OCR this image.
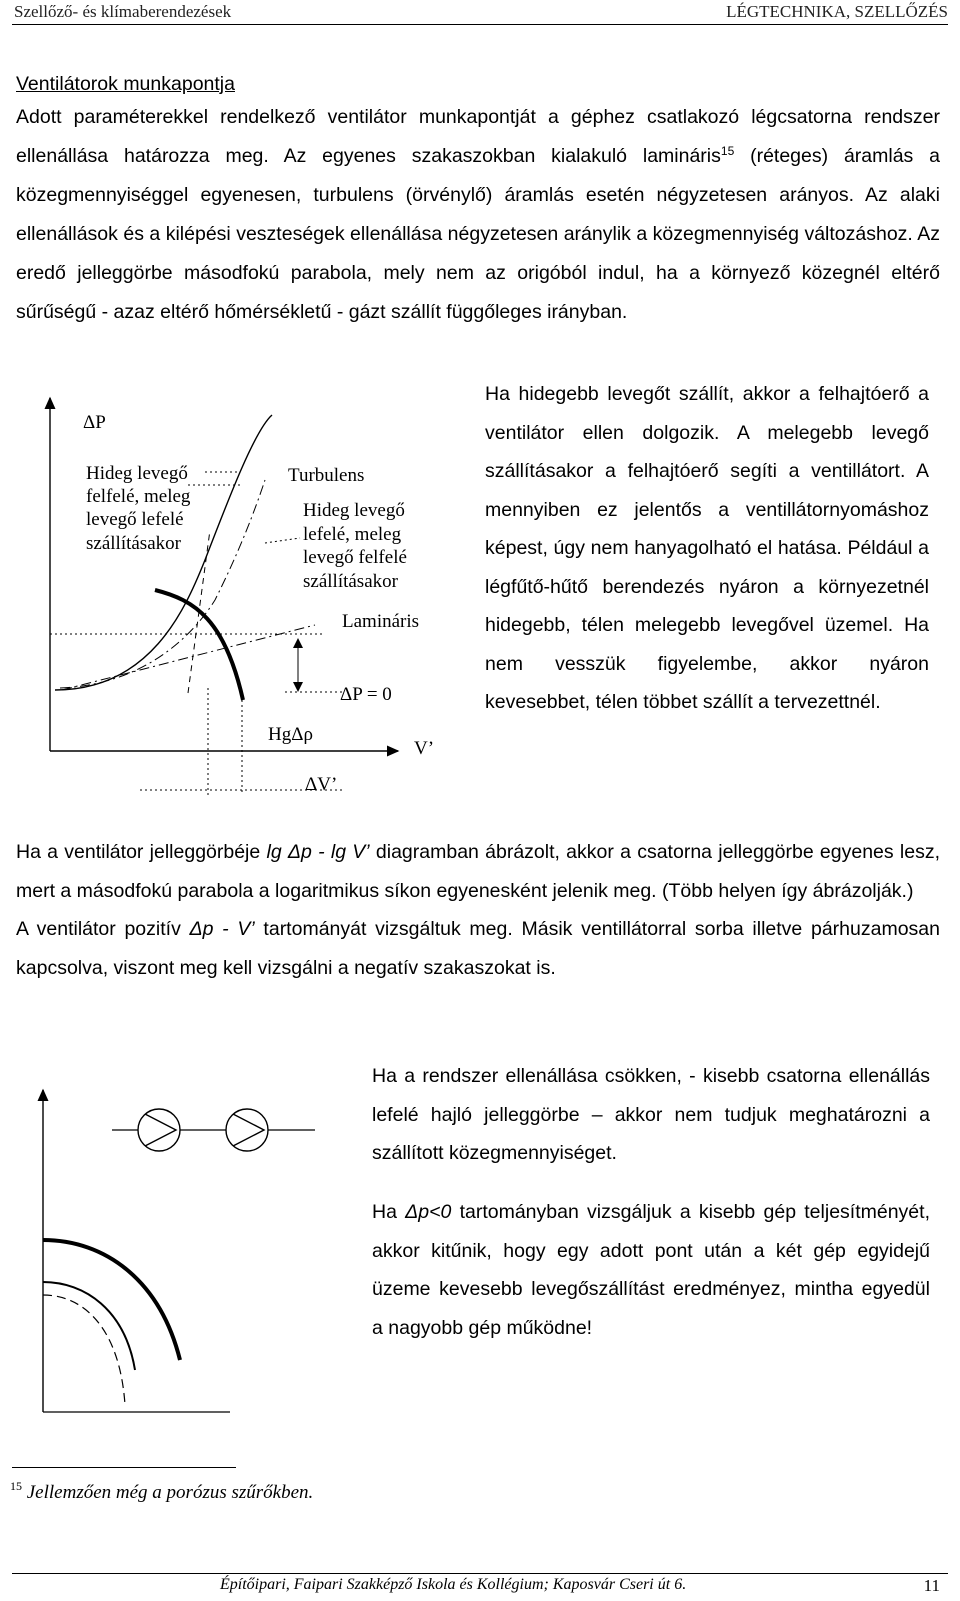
Szellőző- és klímaberendezések	LÉGTECHNIKA, SZELLŐZÉS
Ventilátorok munkapontja
Adott paraméterekkel rendelkező ventilátor munkapontját a géphez csatlakozó légcsatorna rendszer ellenállása határozza meg. Az egyenes szakaszokban kialakuló lamináris$^{15}$ (réteges) áramlás a közegmennyiséggel egyenesen, turbulens (örvénylő) áramlás esetén négyzetesen arányos. Az alaki ellenállások és a kilépési veszteségek ellenállása négyzetesen aránylik a közegmennyiség változáshoz. Az eredő jelleggörbe másodfokú parabola, mely nem az origóból indul, ha a környező közegnél eltérő sűrűségű - azaz eltérő hőmérsékletű - gázt szállít függőleges irányban.
ΔP
Hideg levegő
felfelé, meleg
levegő lefelé
szállításakor
Turbulens
Hideg levegő
lefelé, meleg
levegő felfelé
szállításakor
Lamináris
ΔP = 0
HgΔρ
V’
ΔV’
Ha hidegebb levegőt szállít, akkor a felhajtóerő a ventilátor ellen dolgozik. A melegebb levegő szállításakor a felhajtóerő segíti a ventillátort. A mennyiben ez jelentős a ventillátornyomáshoz képest, úgy nem hanyagolható el hatása. Például a légfűtő-hűtő berendezés nyáron a környezetnél hidegebb, télen melegebb levegővel üzemel. Ha nem vesszük figyelembe, akkor nyáron kevesebbet, télen többet szállít a tervezettnél.
Ha a ventilátor jelleggörbéje lg Δp - lg V’ diagramban ábrázolt, akkor a csatorna jelleggörbe egyenes lesz, mert a másodfokú parabola a logaritmikus síkon egyenesként jelenik meg. (Több helyen így ábrázolják.)
A ventilátor pozitív Δp - V’ tartományát vizsgáltuk meg. Másik ventillátorral sorba illetve párhuzamosan kapcsolva, viszont meg kell vizsgálni a negatív szakaszokat is.
Ha a rendszer ellenállása csökken, - kisebb csatorna ellenállás lefelé hajló jelleggörbe – akkor nem tudjuk meghatározni a szállított közegmennyiséget.
Ha Δp<0 tartományban vizsgáljuk a kisebb gép teljesítményét, akkor kitűnik, hogy egy adott pont után a két gép egyidejű üzeme kevesebb levegőszállítást eredményez, mintha egyedül a nagyobb gép működne!
$^{15}$ Jellemzően még a porózus szűrőkben.
Építőipari, Faipari Szakképző Iskola és Kollégium; Kaposvár Cseri út 6.	11
